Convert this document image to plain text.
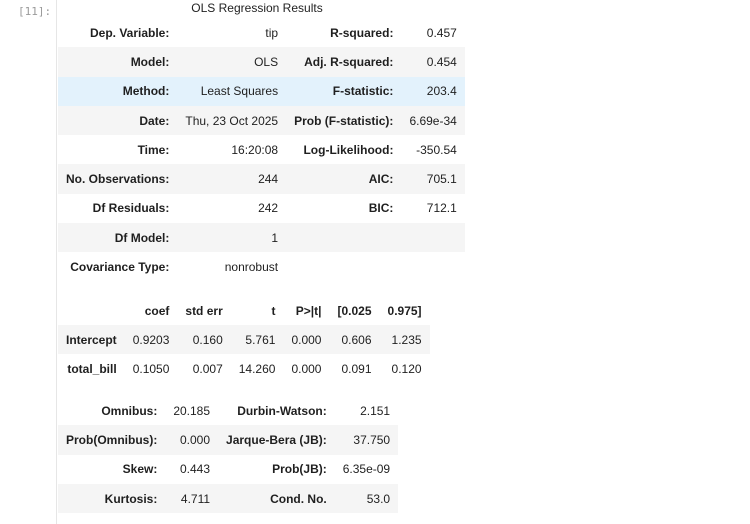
[11]:	OLS Regression Results
Dep. Variable:	tip	R-squared:	0.457
Model:	OLS	Adj. R-squared:	0.454
Method:	Least Squares	F-statistic:	203.4
Date:	Thu, 23 Oct 2025	Prob (F-statistic):	6.69e-34
Time:	16:20:08	Log-Likelihood:	-350.54
No. Observations:	244	AIC:	705.1
Df Residuals:	242	BIC:	712.1
Df Model:	1		
Covariance Type:	nonrobust		
	coef	std err	t	P>|t|	[0.025	0.975]
Intercept	0.9203	0.160	5.761	0.000	0.606	1.235
total_bill	0.1050	0.007	14.260	0.000	0.091	0.120
Omnibus:	20.185	Durbin-Watson:	2.151
Prob(Omnibus):	0.000	Jarque-Bera (JB):	37.750
Skew:	0.443	Prob(JB):	6.35e-09
Kurtosis:	4.711	Cond. No.	53.0
